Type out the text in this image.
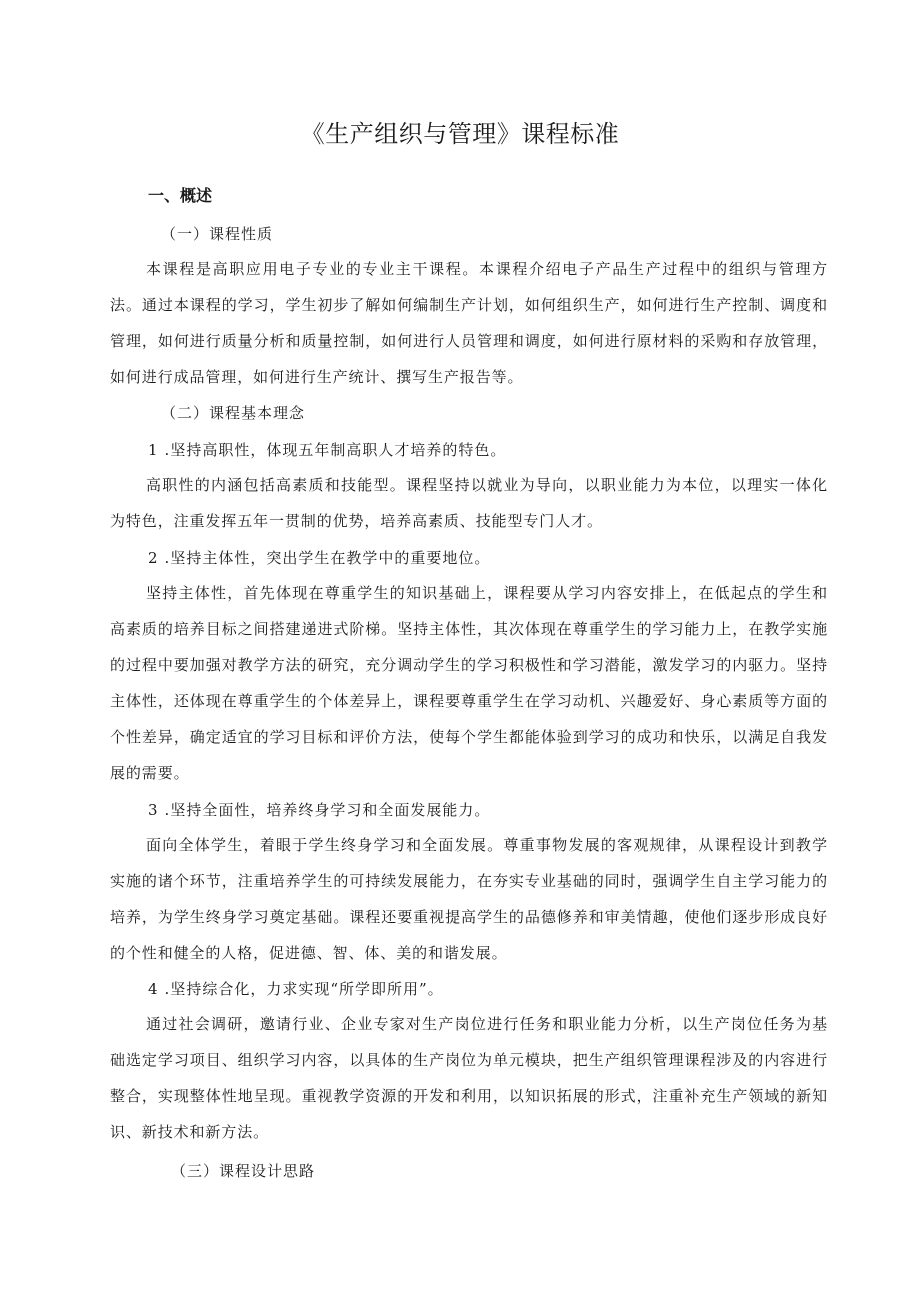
《生产组织与管理》课程标准
一、概述
（一）课程性质

本课程是高职应用电子专业的专业主干课程。本课程介绍电子产品生产过程中的组织与管理方法。通过本课程的学习，学生初步了解如何编制生产计划，如何组织生产，如何进行生产控制、调度和管理，如何进行质量分析和质量控制，如何进行人员管理和调度，如何进行原材料的采购和存放管理，如何进行成品管理，如何进行生产统计、撰写生产报告等。

（二）课程基本理念
1 .坚持高职性，体现五年制高职人才培养的特色。

高职性的内涵包括高素质和技能型。课程坚持以就业为导向，以职业能力为本位，以理实一体化为特色，注重发挥五年一贯制的优势，培养高素质、技能型专门人才。

2 .坚持主体性，突出学生在教学中的重要地位。

坚持主体性，首先体现在尊重学生的知识基础上，课程要从学习内容安排上，在低起点的学生和高素质的培养目标之间搭建递进式阶梯。坚持主体性，其次体现在尊重学生的学习能力上，在教学实施的过程中要加强对教学方法的研究，充分调动学生的学习积极性和学习潜能，激发学习的内驱力。坚持主体性，还体现在尊重学生的个体差异上，课程要尊重学生在学习动机、兴趣爱好、身心素质等方面的个性差异，确定适宜的学习目标和评价方法，使每个学生都能体验到学习的成功和快乐，以满足自我发展的需要。

3 .坚持全面性，培养终身学习和全面发展能力。

面向全体学生，着眼于学生终身学习和全面发展。尊重事物发展的客观规律，从课程设计到教学实施的诸个环节，注重培养学生的可持续发展能力，在夯实专业基础的同时，强调学生自主学习能力的培养，为学生终身学习奠定基础。课程还要重视提高学生的品德修养和审美情趣，使他们逐步形成良好的个性和健全的人格，促进德、智、体、美的和谐发展。

4 .坚持综合化，力求实现“所学即所用”。

通过社会调研，邀请行业、企业专家对生产岗位进行任务和职业能力分析，以生产岗位任务为基础选定学习项目、组织学习内容，以具体的生产岗位为单元模块，把生产组织管理课程涉及的内容进行整合，实现整体性地呈现。重视教学资源的开发和利用，以知识拓展的形式，注重补充生产领域的新知识、新技术和新方法。

（三）课程设计思路
